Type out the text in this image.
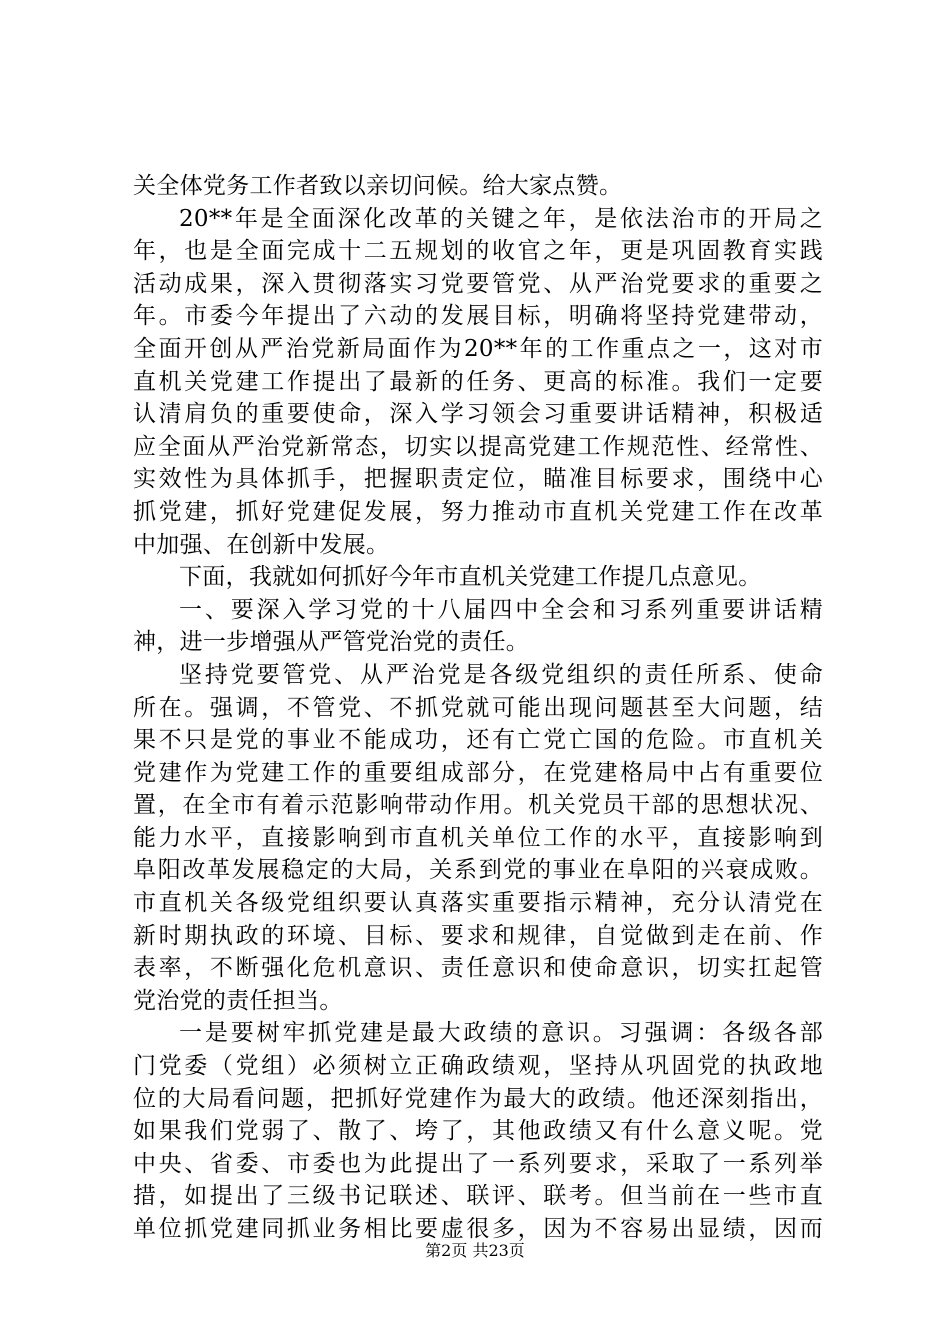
关全体党务工作者致以亲切问候。给大家点赞。
20**年是全面深化改革的关键之年，是依法治市的开局之
年，也是全面完成十二五规划的收官之年，更是巩固教育实践
活动成果，深入贯彻落实习党要管党、从严治党要求的重要之
年。市委今年提出了六动的发展目标，明确将坚持党建带动，
全面开创从严治党新局面作为20**年的工作重点之一，这对市
直机关党建工作提出了最新的任务、更高的标准。我们一定要
认清肩负的重要使命，深入学习领会习重要讲话精神，积极适
应全面从严治党新常态，切实以提高党建工作规范性、经常性、
实效性为具体抓手，把握职责定位，瞄准目标要求，围绕中心
抓党建，抓好党建促发展，努力推动市直机关党建工作在改革
中加强、在创新中发展。
下面，我就如何抓好今年市直机关党建工作提几点意见。
一、要深入学习党的十八届四中全会和习系列重要讲话精
神，进一步增强从严管党治党的责任。
坚持党要管党、从严治党是各级党组织的责任所系、使命
所在。强调，不管党、不抓党就可能出现问题甚至大问题，结
果不只是党的事业不能成功，还有亡党亡国的危险。市直机关
党建作为党建工作的重要组成部分，在党建格局中占有重要位
置，在全市有着示范影响带动作用。机关党员干部的思想状况、
能力水平，直接影响到市直机关单位工作的水平，直接影响到
阜阳改革发展稳定的大局，关系到党的事业在阜阳的兴衰成败。
市直机关各级党组织要认真落实重要指示精神，充分认清党在
新时期执政的环境、目标、要求和规律，自觉做到走在前、作
表率，不断强化危机意识、责任意识和使命意识，切实扛起管
党治党的责任担当。
一是要树牢抓党建是最大政绩的意识。习强调：各级各部
门党委（党组）必须树立正确政绩观，坚持从巩固党的执政地
位的大局看问题，把抓好党建作为最大的政绩。他还深刻指出，
如果我们党弱了、散了、垮了，其他政绩又有什么意义呢。党
中央、省委、市委也为此提出了一系列要求，采取了一系列举
措，如提出了三级书记联述、联评、联考。但当前在一些市直
单位抓党建同抓业务相比要虚很多，因为不容易出显绩，因而
第2页 共23页
